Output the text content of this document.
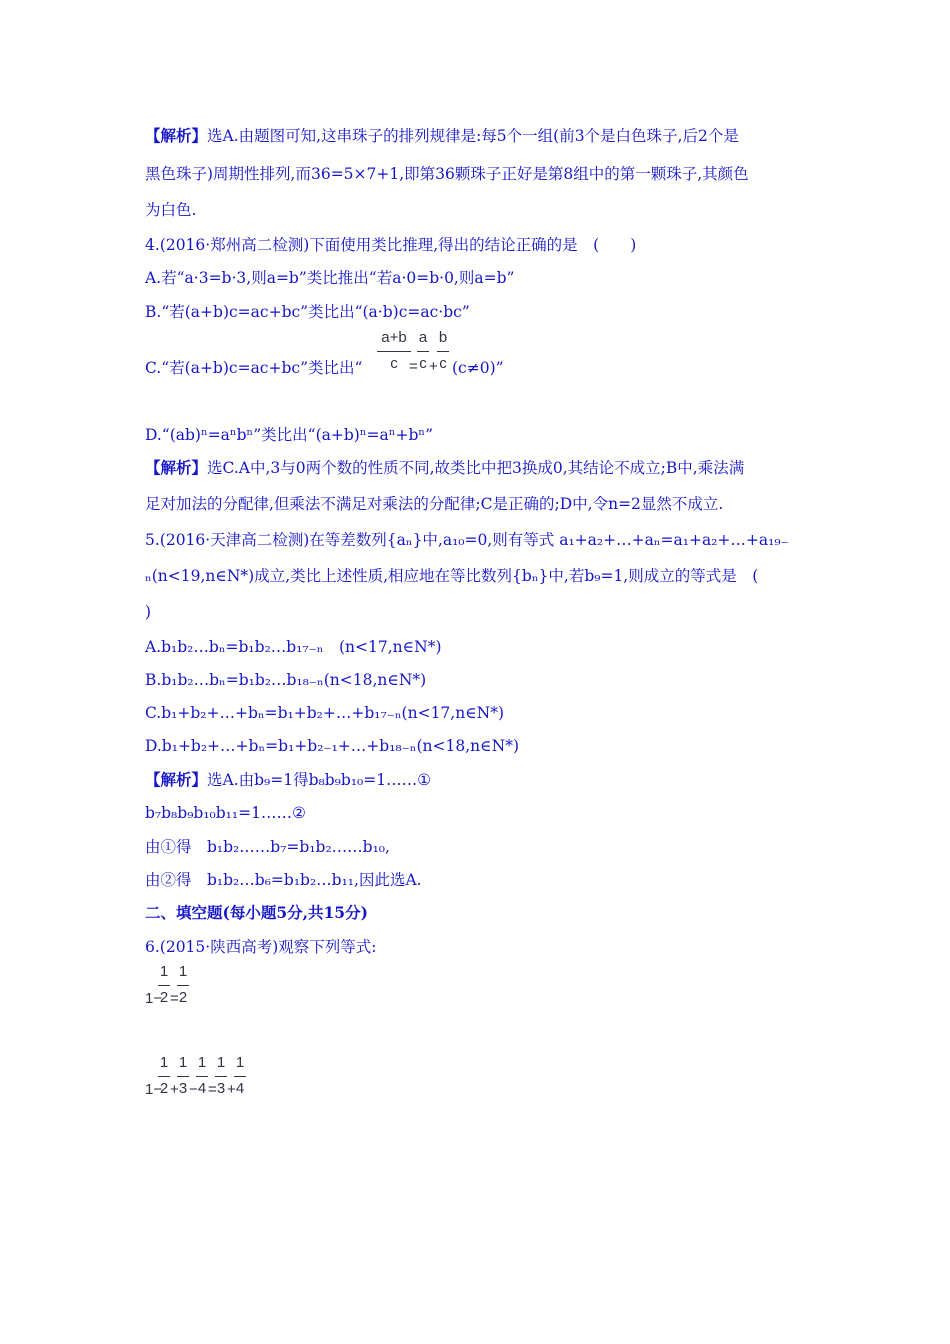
【解析】选A.由题图可知,这串珠子的排列规律是:每5个一组(前3个是白色珠子,后2个是
黑色珠子)周期性排列,而36=5×7+1,即第36颗珠子正好是第8组中的第一颗珠子,其颜色
为白色.
4.(2016·郑州高二检测)下面使用类比推理,得出的结论正确的是　(　　)
A.若“a·3=b·3,则a=b”类比推出“若a·0=b·0,则a=b”
B.“若(a+b)c=ac+bc”类比出“(a·b)c=ac·bc”
C.“若(a+b)c=ac+bc”类比出“
a+b
c =
a
c +
b
c (c≠0)”
D.“(ab)ⁿ=aⁿbⁿ”类比出“(a+b)ⁿ=aⁿ+bⁿ”
【解析】选C.A中,3与0两个数的性质不同,故类比中把3换成0,其结论不成立;B中,乘法满
足对加法的分配律,但乘法不满足对乘法的分配律;C是正确的;D中,令n=2显然不成立.
5.(2016·天津高二检测)在等差数列{aₙ}中,a₁₀=0,则有等式 a₁+a₂+…+aₙ=a₁+a₂+…+a₁₉₋
ₙ(n<19,n∈N*)成立,类比上述性质,相应地在等比数列{bₙ}中,若b₉=1,则成立的等式是　(
)
A.b₁b₂…bₙ=b₁b₂…b₁₇₋ₙ　(n<17,n∈N*)
B.b₁b₂…bₙ=b₁b₂…b₁₈₋ₙ(n<18,n∈N*)
C.b₁+b₂+…+bₙ=b₁+b₂+…+b₁₇₋ₙ(n<17,n∈N*)
D.b₁+b₂+…+bₙ=b₁+b₂₋₁+…+b₁₈₋ₙ(n<18,n∈N*)
【解析】选A.由b₉=1得b₈b₉b₁₀=1……①
b₇b₈b₉b₁₀b₁₁=1……②
由①得　b₁b₂……b₇=b₁b₂……b₁₀,
由②得　b₁b₂…b₆=b₁b₂…b₁₁,因此选A.
二、填空题(每小题5分,共15分)
6.(2015·陕西高考)观察下列等式:
1−
1
2 =
1
2
1−
1
2 +
1
3 −
1
4 =
1
3 +
1
4
